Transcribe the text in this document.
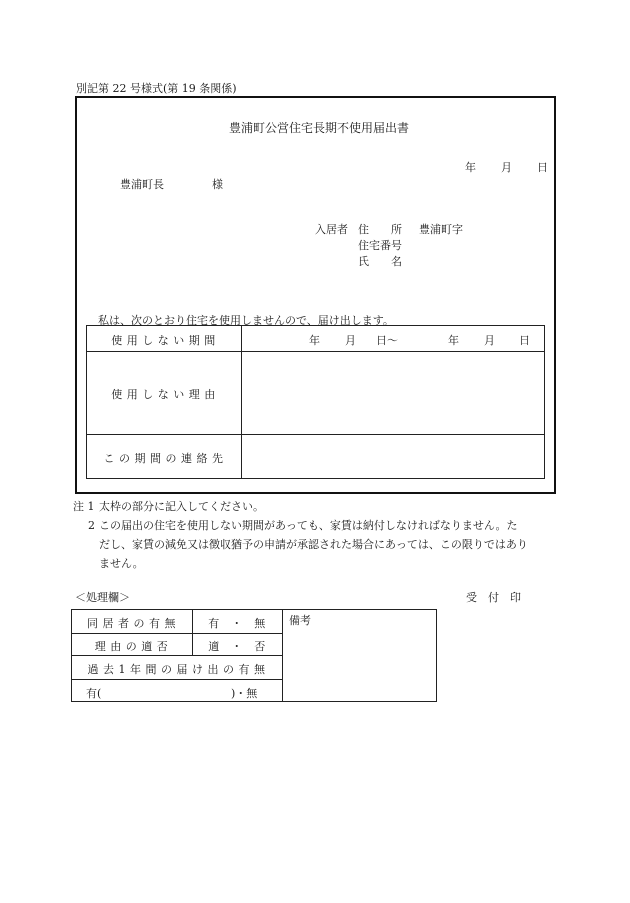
別記第 22 号様式(第 19 条関係)
豊浦町公営住宅長期不使用届出書
年 月 日
豊浦町長	様
入居者 住　　所 豊浦町字
住宅番号
氏　　名
私は、次のとおり住宅を使用しませんので、届け出します。
使 用 し な い 期 間	年 月 日〜	年 月 日
使 用 し な い 理 由
こ の 期 間 の 連 絡 先
注 1 太枠の部分に記入してください。
2 この届出の住宅を使用しない期間があっても、家賃は納付しなければなりません。た
だし、家賃の減免又は徴収猶予の申請が承認された場合にあっては、この限りではあり
ません。
＜処理欄＞	受　付　印
同 居 者 の 有 無	有　・　無
理 由 の 適 否	適　・　否
過 去 1 年 間 の 届 け 出 の 有 無
有(	)・無
備考
